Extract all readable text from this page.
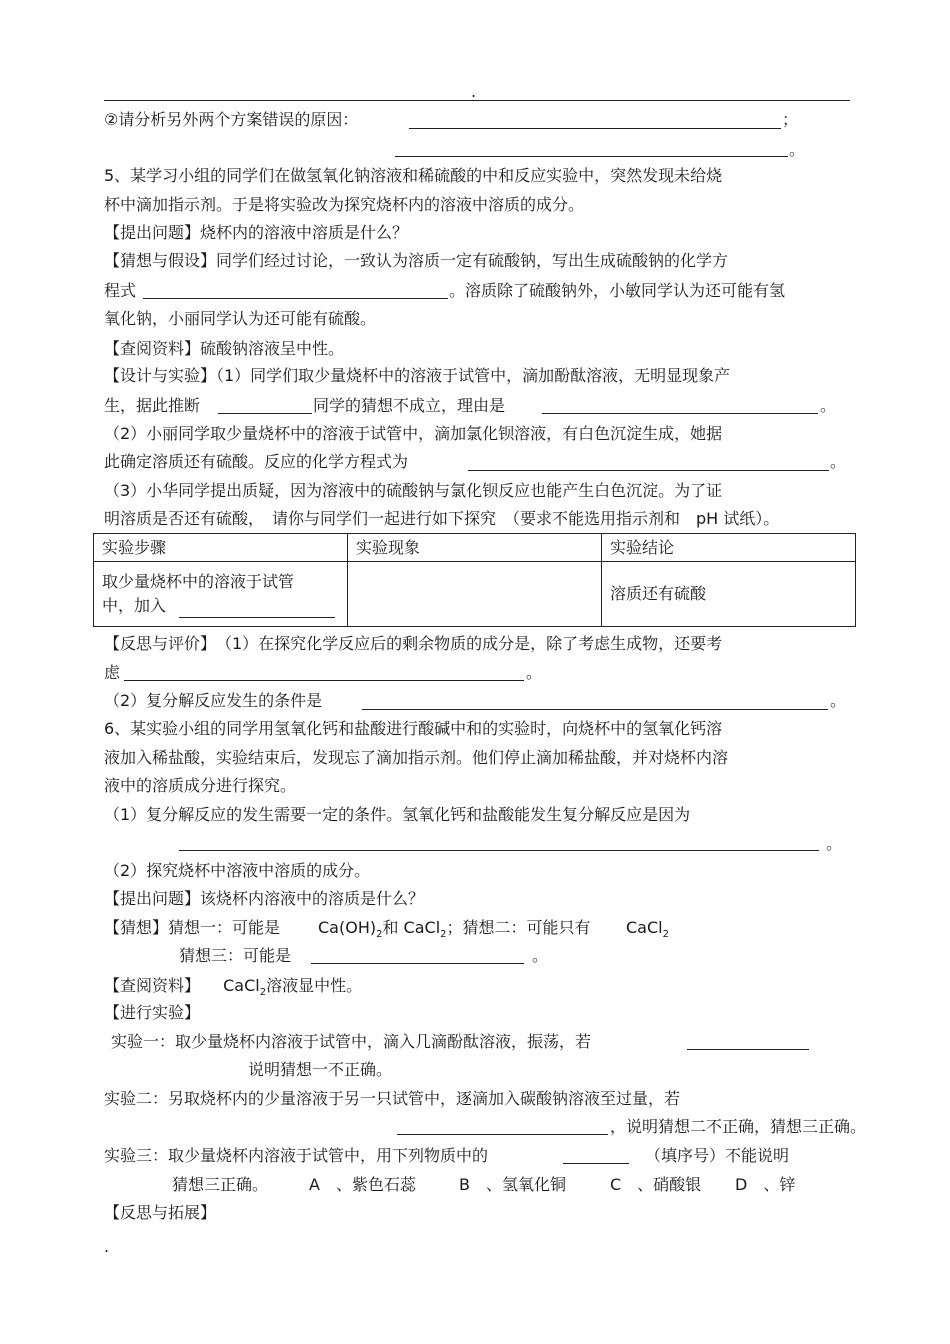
.
②请分析另外两个方案错误的原因：	；
。
5、某学习小组的同学们在做氢氧化钠溶液和稀硫酸的中和反应实验中，突然发现未给烧
杯中滴加指示剂。于是将实验改为探究烧杯内的溶液中溶质的成分。
【提出问题】烧杯内的溶液中溶质是什么？
【猜想与假设】同学们经过讨论，一致认为溶质一定有硫酸钠，写出生成硫酸钠的化学方
程式	。溶质除了硫酸钠外，小敏同学认为还可能有氢
氧化钠，小丽同学认为还可能有硫酸。
【查阅资料】硫酸钠溶液呈中性。
【设计与实验】（1）同学们取少量烧杯中的溶液于试管中，滴加酚酞溶液，无明显现象产
生，据此推断	同学的猜想不成立，理由是	。
（2）小丽同学取少量烧杯中的溶液于试管中，滴加氯化钡溶液，有白色沉淀生成，她据
此确定溶质还有硫酸。反应的化学方程式为	。
（3）小华同学提出质疑，因为溶液中的硫酸钠与氯化钡反应也能产生白色沉淀。为了证
明溶质是否还有硫酸，　请你与同学们一起进行如下探究　（要求不能选用指示剂和　pH 试纸）。
实验步骤	实验现象	实验结论

取少量烧杯中的溶液于试管
中，加入		溶质还有硫酸
【反思与评价】　（1）在探究化学反应后的剩余物质的成分是，除了考虑生成物，还要考
虑	。
（2）复分解反应发生的条件是	。
6、某实验小组的同学用氢氧化钙和盐酸进行酸碱中和的实验时，向烧杯中的氢氧化钙溶
液加入稀盐酸，实验结束后，发现忘了滴加指示剂。他们停止滴加稀盐酸，并对烧杯内溶
液中的溶质成分进行探究。
（1）复分解反应的发生需要一定的条件。氢氧化钙和盐酸能发生复分解反应是因为
。
（2）探究烧杯中溶液中溶质的成分。
【提出问题】该烧杯内溶液中的溶质是什么？
【猜想】猜想一：可能是 $Ca(OH)_2$和 CaCl$_2$；猜想二：可能只有 CaCl$_2$
猜想三：可能是	。
【查阅资料】 CaCl$_2$溶液显中性。
【进行实验】
实验一：取少量烧杯内溶液于试管中，滴入几滴酚酞溶液，振荡，若
说明猜想一不正确。
实验二：另取烧杯内的少量溶液于另一只试管中，逐滴加入碳酸钠溶液至过量，若
，说明猜想二不正确，猜想三正确。
实验三：取少量烧杯内溶液于试管中，用下列物质中的	（填序号）不能说明
猜想三正确。	A　、紫色石蕊	B　、氢氧化铜	C　、硝酸银 D　、锌
【反思与拓展】
.
